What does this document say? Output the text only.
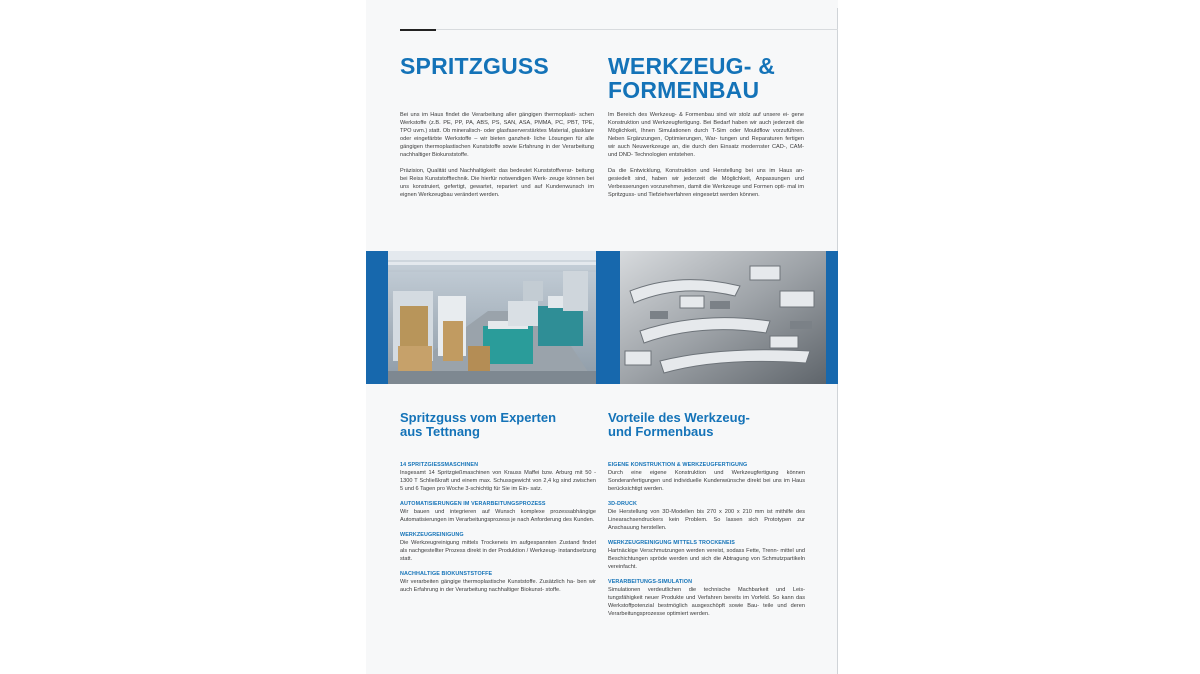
SPRITZGUSS	WERKZEUG- &
FORMENBAU

Bei uns im Haus findet die Verarbeitung aller gängigen thermoplasti- schen Werkstoffe (z.B. PE, PP, PA, ABS, PS, SAN, ASA, PMMA, PC, PBT, TPE, TPO uvm.) statt. Ob mineralisch- oder glasfaserverstärktes Material, glasklare oder eingefärbte Werkstoffe – wir bieten ganzheit- liche Lösungen für alle gängigen thermoplastischen Kunststoffe sowie Erfahrung in der Verarbeitung nachhaltiger Biokunststoffe.

Präzision, Qualität und Nachhaltigkeit: das bedeutet Kunststoffverar- beitung bei Reiss Kunststofftechnik. Die hierfür notwendigen Werk- zeuge können bei uns konstruiert, gefertigt, gewartet, repariert und auf Kundenwunsch im eignen Werkzeugbau verändert werden.

Im Bereich des Werkzeug- & Formenbau sind wir stolz auf unsere ei- gene Konstruktion und Werkzeugfertigung. Bei Bedarf haben wir auch jederzeit die Möglichkeit, Ihnen Simulationen durch T-Sim oder Mouldflow vorzuführen. Neben Ergänzungen, Optimierungen, War- tungen und Reparaturen fertigen wir auch Neuwerkzeuge an, die durch den Einsatz modernster CAD-, CAM- und DND- Technologien entstehen.

Da die Entwicklung, Konstruktion und Herstellung bei uns im Haus an- gesiedelt sind, haben wir jederzeit die Möglichkeit, Anpassungen und Verbesserungen vorzunehmen, damit die Werkzeuge und Formen opti- mal im Spritzguss- und Tiefziehverfahren eingesetzt werden können.

Spritzguss vom Experten
aus Tettnang
Vorteile des Werkzeug-
und Formenbaus

14 SPRITZGIESSMASCHINEN

Insgesamt 14 Spritzgießmaschinen von Krauss Maffei bzw. Arburg mit 50 - 1300 T Schließkraft und einem max. Schussgewicht von 2,4 kg sind zwischen 5 und 6 Tagen pro Woche 3-schichtig für Sie im Ein- satz.

AUTOMATISIERUNGEN IM VERARBEITUNGSPROZESS

Wir bauen und integrieren auf Wunsch komplexe prozessabhängige Automatisierungen im Verarbeitungsprozess je nach Anforderung des Kunden.

WERKZEUGREINIGUNG

Die Werkzeugreinigung mittels Trockeneis im aufgespannten Zustand findet als nachgestellter Prozess direkt in der Produktion / Werkzeug- instandsetzung statt.

NACHHALTIGE BIOKUNSTSTOFFE

Wir verarbeiten gängige thermoplastische Kunststoffe. Zusätzlich ha- ben wir auch Erfahrung in der Verarbeitung nachhaltiger Biokunst- stoffe.

EIGENE KONSTRUKTION & WERKZEUGFERTIGUNG

Durch eine eigene Konstruktion und Werkzeugfertigung können Sonderanfertigungen und individuelle Kundenwünsche direkt bei uns im Haus berücksichtigt werden.

3D-DRUCK

Die Herstellung von 3D-Modellen bis 270 x 200 x 210 mm ist mithilfe des Linearachsendruckers kein Problem. So lassen sich Prototypen zur Anschauung herstellen.

WERKZEUGREINIGUNG MITTELS TROCKENEIS

Hartnäckige Verschmutzungen werden vereist, sodass Fette, Trenn- mittel und Beschichtungen spröde werden und sich die Abtragung von Schmutzpartikeln vereinfacht.

VERARBEITUNGS-SIMULATION

Simulationen verdeutlichen die technische Machbarkeit und Leis- tungsfähigkeit neuer Produkte und Verfahren bereits im Vorfeld. So kann das Werkstoffpotenzial bestmöglich ausgeschöpft sowie Bau- teile und deren Verarbeitungsprozesse optimiert werden.
